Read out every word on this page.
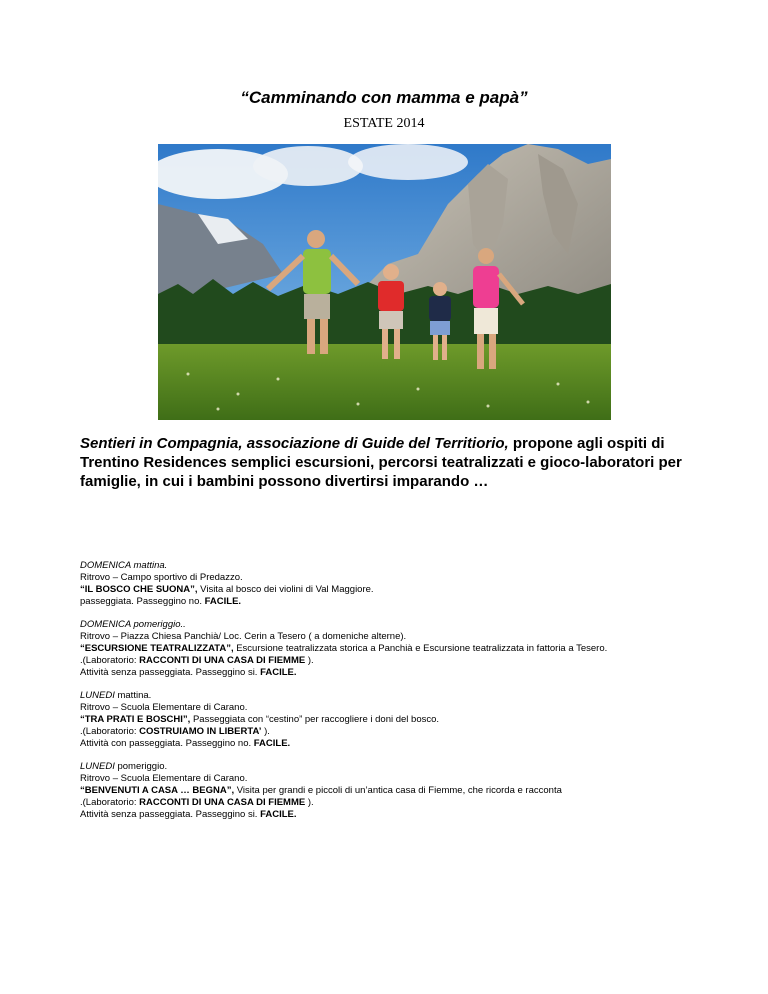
“Camminando con mamma e papà”
ESTATE 2014
Sentieri in Compagnia, associazione di Guide del Territiorio, propone agli ospiti di
Trentino Residences semplici escursioni, percorsi teatralizzati e gioco-laboratori per
famiglie, in cui i bambini possono divertirsi imparando …
DOMENICA mattina.
Ritrovo – Campo sportivo di Predazzo.
“IL BOSCO CHE SUONA”, Visita al bosco dei violini di Val Maggiore.
passeggiata. Passeggino no. FACILE.
DOMENICA pomeriggio..
Ritrovo – Piazza Chiesa Panchià/ Loc. Cerin a Tesero ( a domeniche alterne).
“ESCURSIONE TEATRALIZZATA”, Escursione teatralizzata storica a Panchià e Escursione teatralizzata in fattoria a Tesero.
.(Laboratorio: RACCONTI DI UNA CASA DI FIEMME ).
Attività senza passeggiata. Passeggino si. FACILE.
LUNEDI mattina.
Ritrovo – Scuola Elementare di Carano.
“TRA PRATI E BOSCHI”, Passeggiata con “cestino” per raccogliere i doni del bosco.
.(Laboratorio: COSTRUIAMO IN LIBERTA’ ).
Attività con passeggiata. Passeggino no. FACILE.
LUNEDI pomeriggio.
Ritrovo – Scuola Elementare di Carano.
“BENVENUTI A CASA … BEGNA”, Visita per grandi e piccoli di un’antica casa di Fiemme, che ricorda e racconta
.(Laboratorio: RACCONTI DI UNA CASA DI FIEMME ).
Attività senza passeggiata. Passeggino si. FACILE.
